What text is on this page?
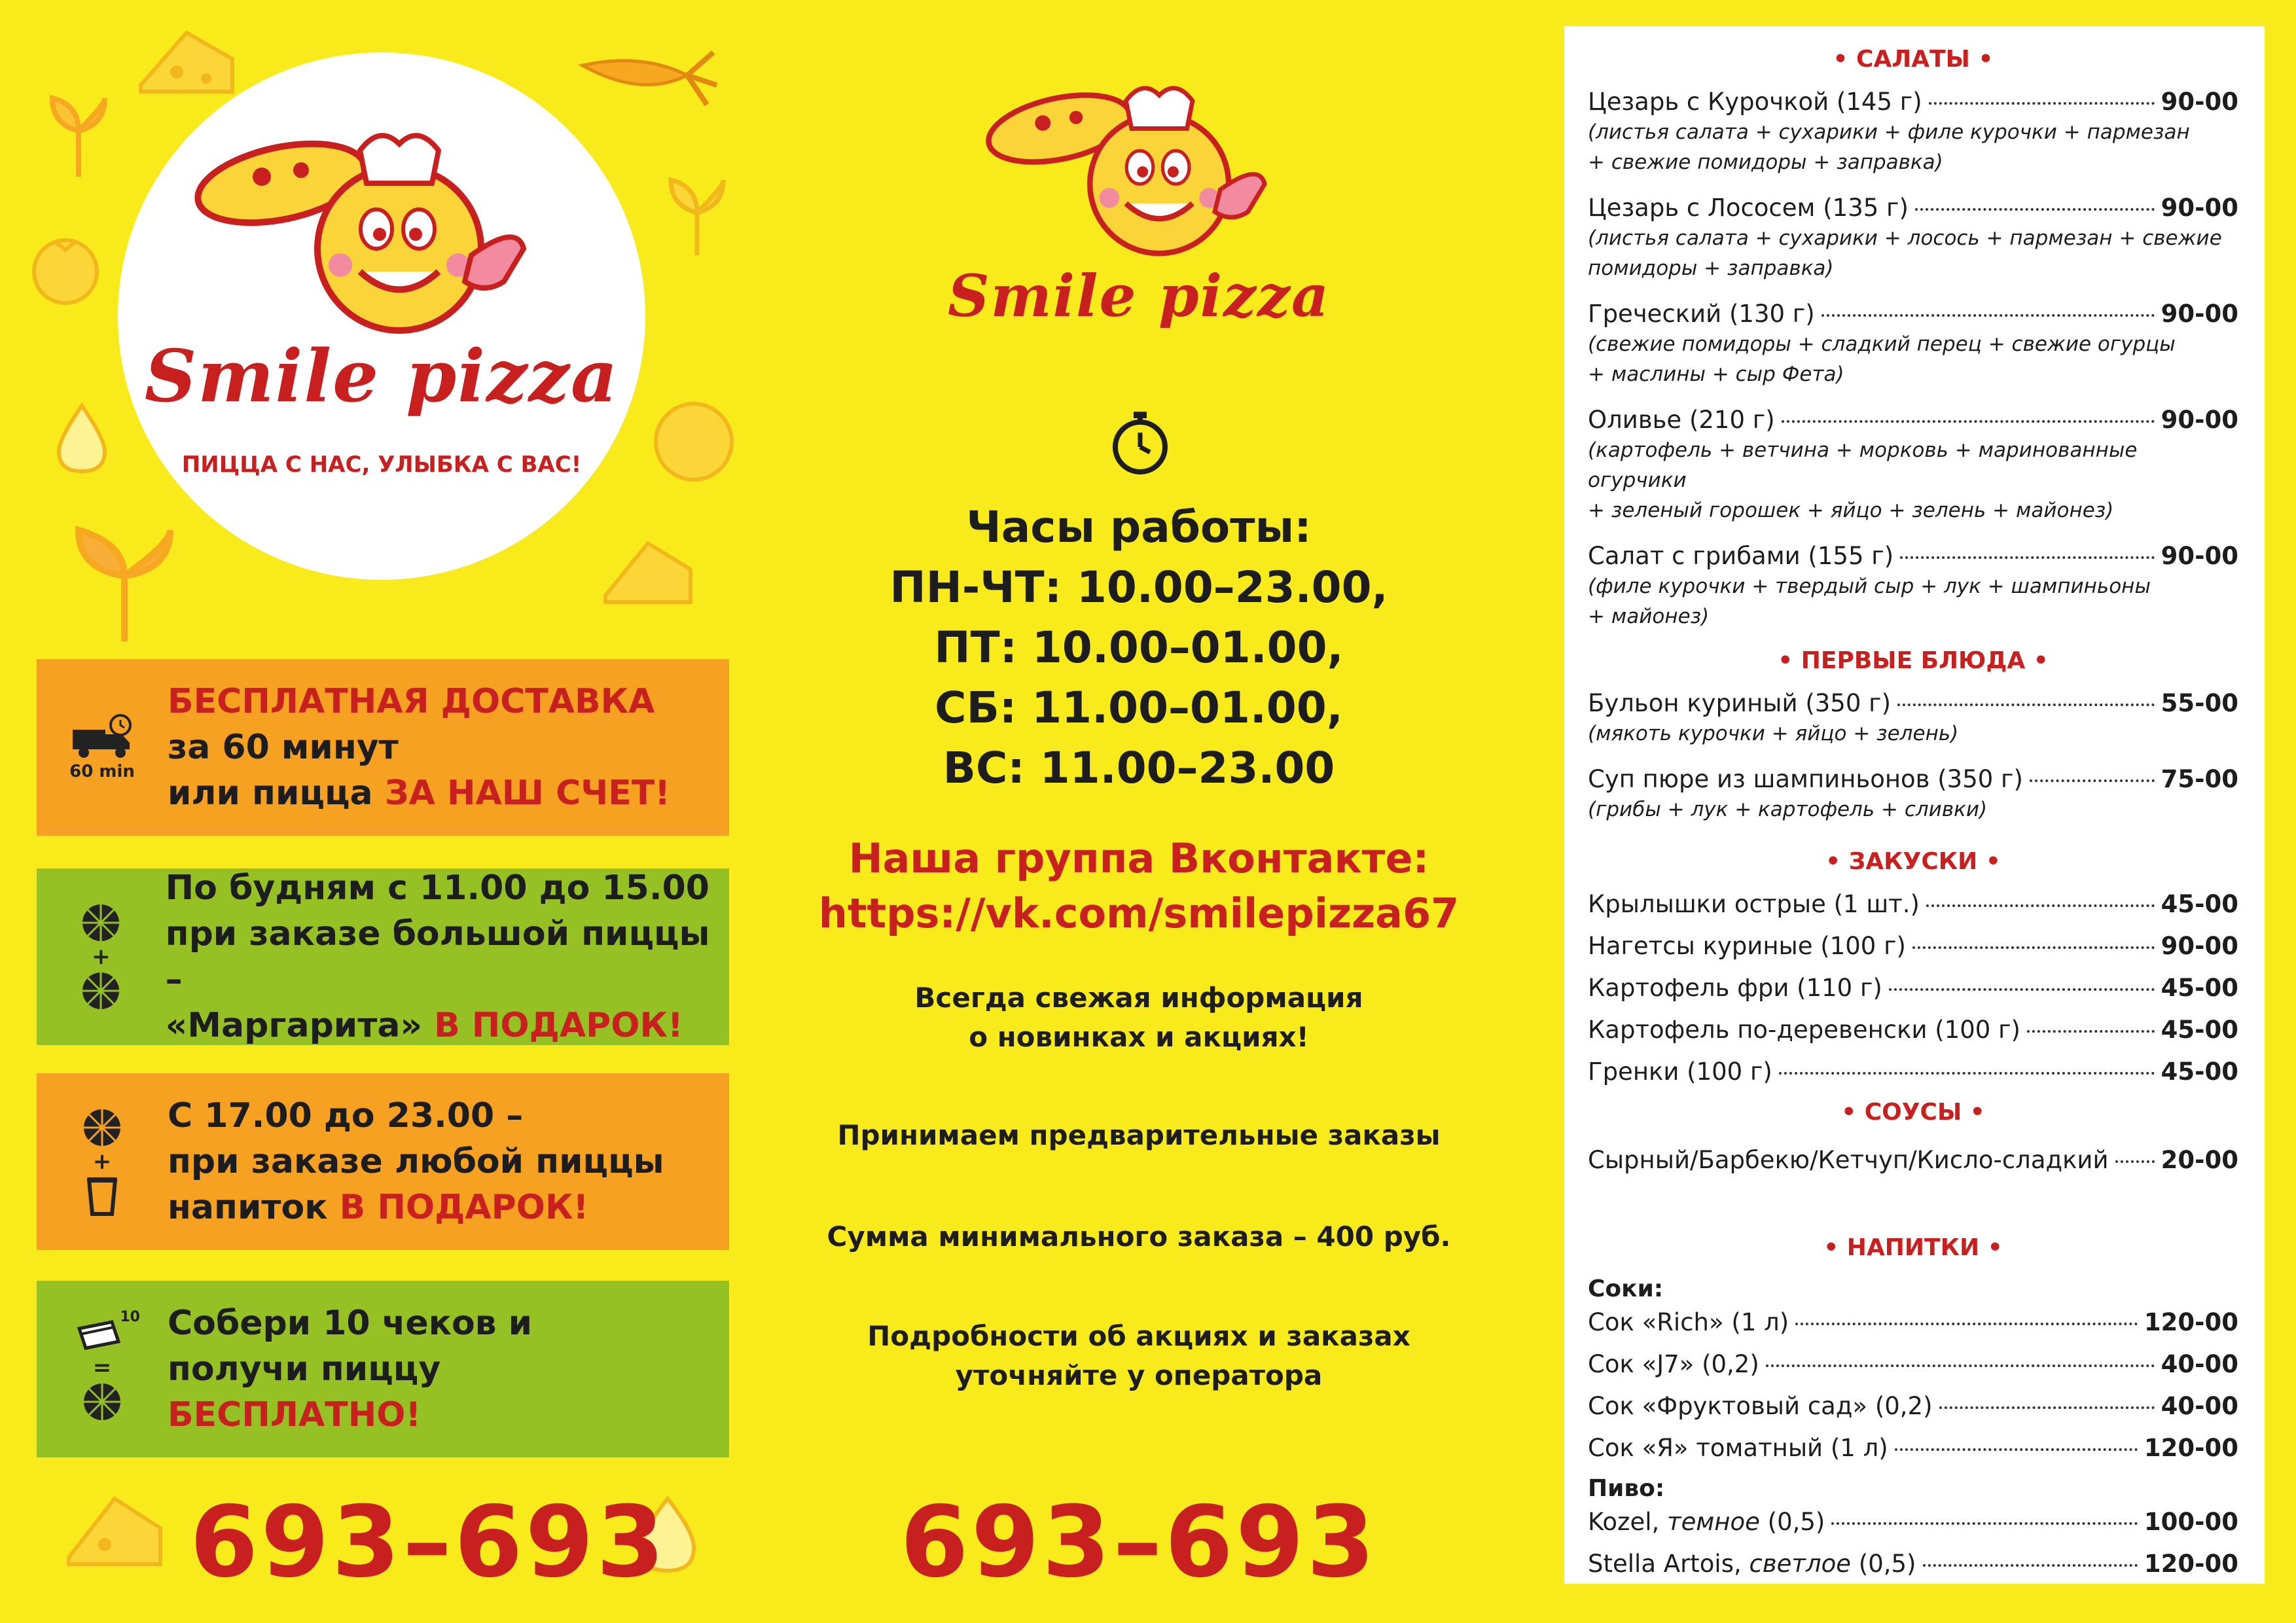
Smile pizza
ПИЦЦА С НАС, УЛЫБКА С ВАС!
60 min
БЕСПЛАТНАЯ ДОСТАВКА
за 60 минут
или пицца ЗА НАШ СЧЕТ!
+
По будням с 11.00 до 15.00
при заказе большой пиццы –
«Маргарита» В ПОДАРОК!
+
С 17.00 до 23.00 –
при заказе любой пиццы
напиток В ПОДАРОК!
10
=
Собери 10 чеков и
получи пиццу
БЕСПЛАТНО!
693–693
Smile pizza
Часы работы:
ПН-ЧТ: 10.00–23.00,
ПТ: 10.00–01.00,
СБ: 11.00–01.00,
ВС: 11.00–23.00
Наша группа Вконтакте:
https://vk.com/smilepizza67
Всегда свежая информация
о новинках и акциях!
Принимаем предварительные заказы
Сумма минимального заказа – 400 руб.
Подробности об акциях и заказах
уточняйте у оператора
693–693
• САЛАТЫ •
Цезарь с Курочкой (145 г)	90-00
(листья салата + сухарики + филе курочки + пармезан
+ свежие помидоры + заправка)
Цезарь с Лососем (135 г)	90-00
(листья салата + сухарики + лосось + пармезан + свежие
помидоры + заправка)
Греческий (130 г)	90-00
(свежие помидоры + сладкий перец + свежие огурцы
+ маслины + сыр Фета)
Оливье (210 г)	90-00
(картофель + ветчина + морковь + маринованные огурчики
+ зеленый горошек + яйцо + зелень + майонез)
Салат с грибами (155 г)	90-00
(филе курочки + твердый сыр + лук + шампиньоны
+ майонез)
• ПЕРВЫЕ БЛЮДА •
Бульон куриный (350 г)	55-00
(мякоть курочки + яйцо + зелень)
Суп пюре из шампиньонов (350 г)	75-00
(грибы + лук + картофель + сливки)
• ЗАКУСКИ •
Крылышки острые (1 шт.)	45-00
Нагетсы куриные (100 г)	90-00
Картофель фри (110 г)	45-00
Картофель по-деревенски (100 г)	45-00
Гренки (100 г)	45-00
• СОУСЫ •
Сырный/Барбекю/Кетчуп/Кисло-сладкий 20-00
• НАПИТКИ •
Соки:
Сок «Rich» (1 л)	120-00
Сок «J7» (0,2)	40-00
Сок «Фруктовый сад» (0,2)	40-00
Сок «Я» томатный (1 л)	120-00
Пиво:
Kozel, темное (0,5)	100-00
Stella Artois, светлое (0,5)	120-00
